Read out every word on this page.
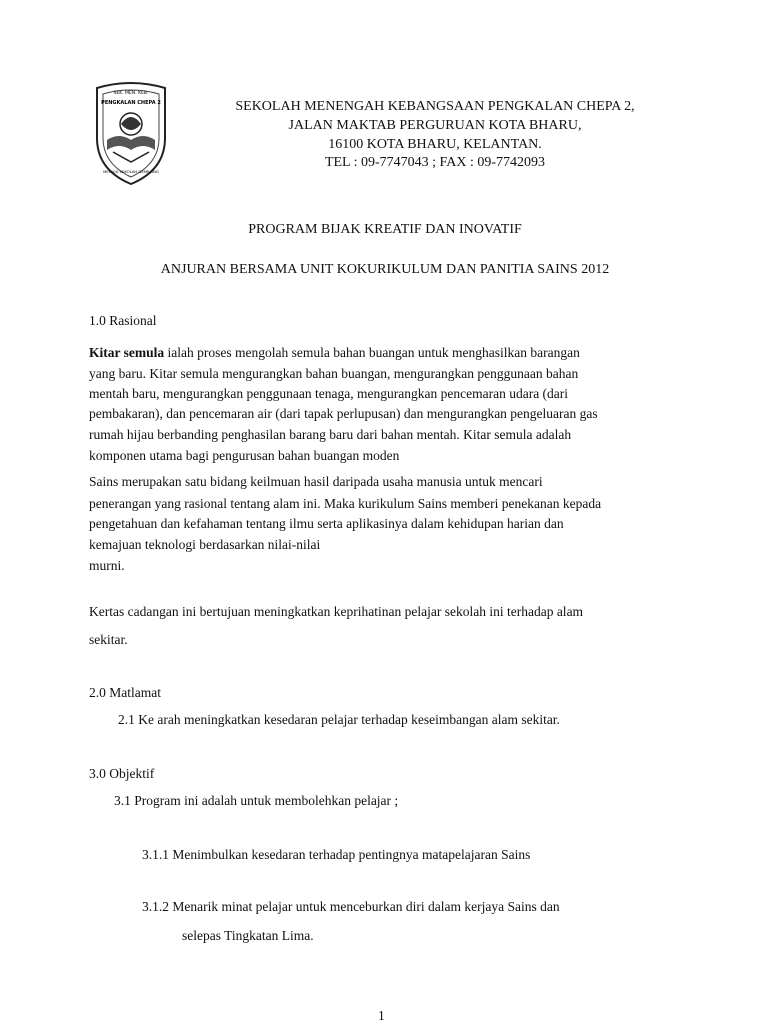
SEK. MEN. KEB.
PENGKALAN CHEPA 2
MENUJU SEKOLAH GEMILANG
SEKOLAH MENENGAH KEBANGSAAN PENGKALAN CHEPA 2,
JALAN MAKTAB PERGURUAN KOTA BHARU,
16100 KOTA BHARU, KELANTAN.
TEL : 09-7747043 ; FAX : 09-7742093
PROGRAM BIJAK KREATIF DAN INOVATIF
ANJURAN BERSAMA UNIT KOKURIKULUM DAN PANITIA SAINS 2012
1.0 Rasional
Kitar semula ialah proses mengolah semula bahan buangan untuk menghasilkan barangan
yang baru. Kitar semula mengurangkan bahan buangan, mengurangkan penggunaan bahan
mentah baru, mengurangkan penggunaan tenaga, mengurangkan pencemaran udara (dari
pembakaran), dan pencemaran air (dari tapak perlupusan) dan mengurangkan pengeluaran gas
rumah hijau berbanding penghasilan barang baru dari bahan mentah. Kitar semula adalah
komponen utama bagi pengurusan bahan buangan moden
Sains merupakan satu bidang keilmuan hasil daripada usaha manusia untuk mencari
penerangan yang rasional tentang alam ini. Maka kurikulum Sains memberi penekanan kepada
pengetahuan dan kefahaman tentang ilmu serta aplikasinya dalam kehidupan harian dan
kemajuan teknologi berdasarkan nilai-nilai
murni.
Kertas cadangan ini bertujuan meningkatkan keprihatinan pelajar sekolah ini terhadap alam
sekitar.
2.0 Matlamat
2.1 Ke arah meningkatkan kesedaran pelajar terhadap keseimbangan alam sekitar.
3.0 Objektif
3.1 Program ini adalah untuk membolehkan pelajar ;
3.1.1 Menimbulkan kesedaran terhadap pentingnya matapelajaran Sains
3.1.2 Menarik minat pelajar untuk menceburkan diri dalam kerjaya Sains dan
selepas Tingkatan Lima.
1
